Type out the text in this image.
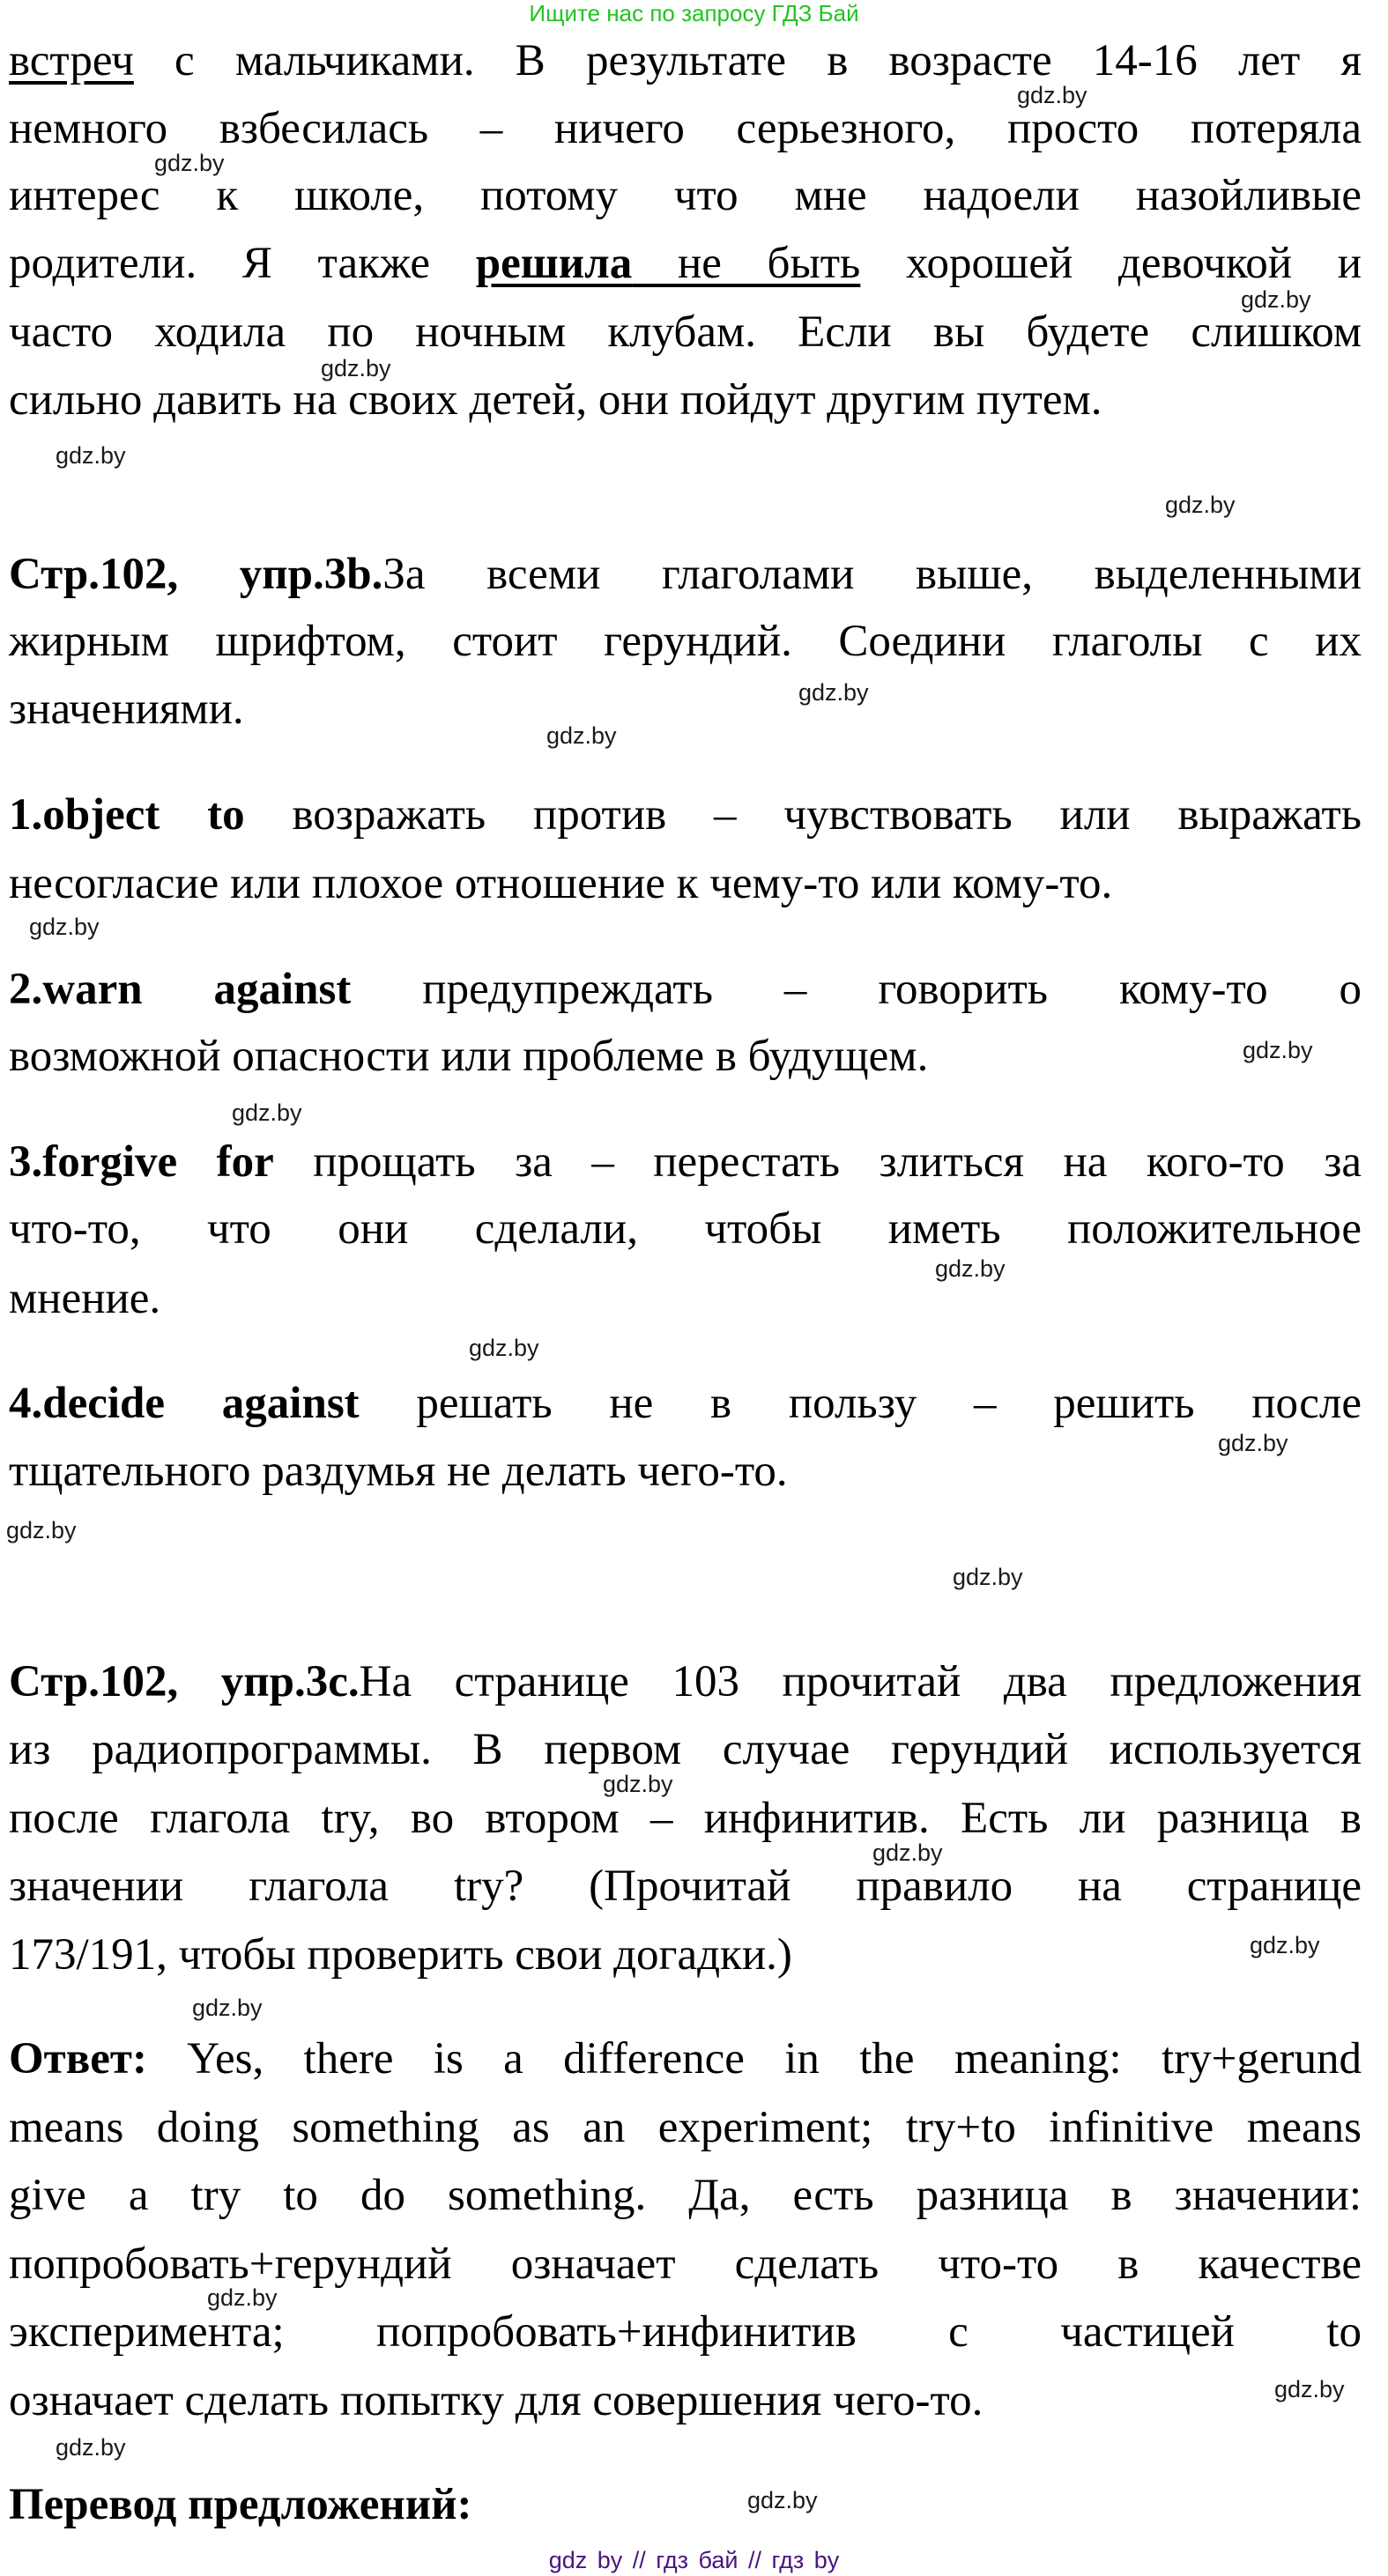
Ищите нас по запросу ГДЗ Бай
встреч с мальчиками. В результате в возрасте 14-16 лет я
немного взбесилась – ничего серьезного, просто потеряла
интерес к школе, потому что мне надоели назойливые
родители. Я также решила не быть хорошей девочкой и
часто ходила по ночным клубам. Если вы будете слишком
сильно давить на своих детей, они пойдут другим путем.
Стр.102, упр.3b.За всеми глаголами выше, выделенными
жирным шрифтом, стоит герундий. Соедини глаголы с их
значениями.
1.object to возражать против – чувствовать или выражать
несогласие или плохое отношение к чему-то или кому-то.
2.warn against предупреждать – говорить кому-то о
возможной опасности или проблеме в будущем.
3.forgive for прощать за – перестать злиться на кого-то за
что-то, что они сделали, чтобы иметь положительное
мнение.
4.decide against решать не в пользу – решить после
тщательного раздумья не делать чего-то.
Стр.102, упр.3c.На странице 103 прочитай два предложения
из радиопрограммы. В первом случае герундий используется
после глагола try, во втором – инфинитив. Есть ли разница в
значении глагола try? (Прочитай правило на странице
173/191, чтобы проверить свои догадки.)
Ответ: Yes, there is a difference in the meaning: try+gerund
means doing something as an experiment; try+to infinitive means
give a try to do something. Да, есть разница в значении:
попробовать+герундий означает сделать что-то в качестве
эксперимента; попробовать+инфинитив с частицей to
означает сделать попытку для совершения чего-то.
Перевод предложений:
gdz.by
gdz.by
gdz.by
gdz.by
gdz.by
gdz.by
gdz.by
gdz.by
gdz.by
gdz.by
gdz.by
gdz.by
gdz.by
gdz.by
gdz.by
gdz.by
gdz.by
gdz.by
gdz.by
gdz.by
gdz.by
gdz.by
gdz.by
gdz.by
gdz by // гдз бай // гдз by
